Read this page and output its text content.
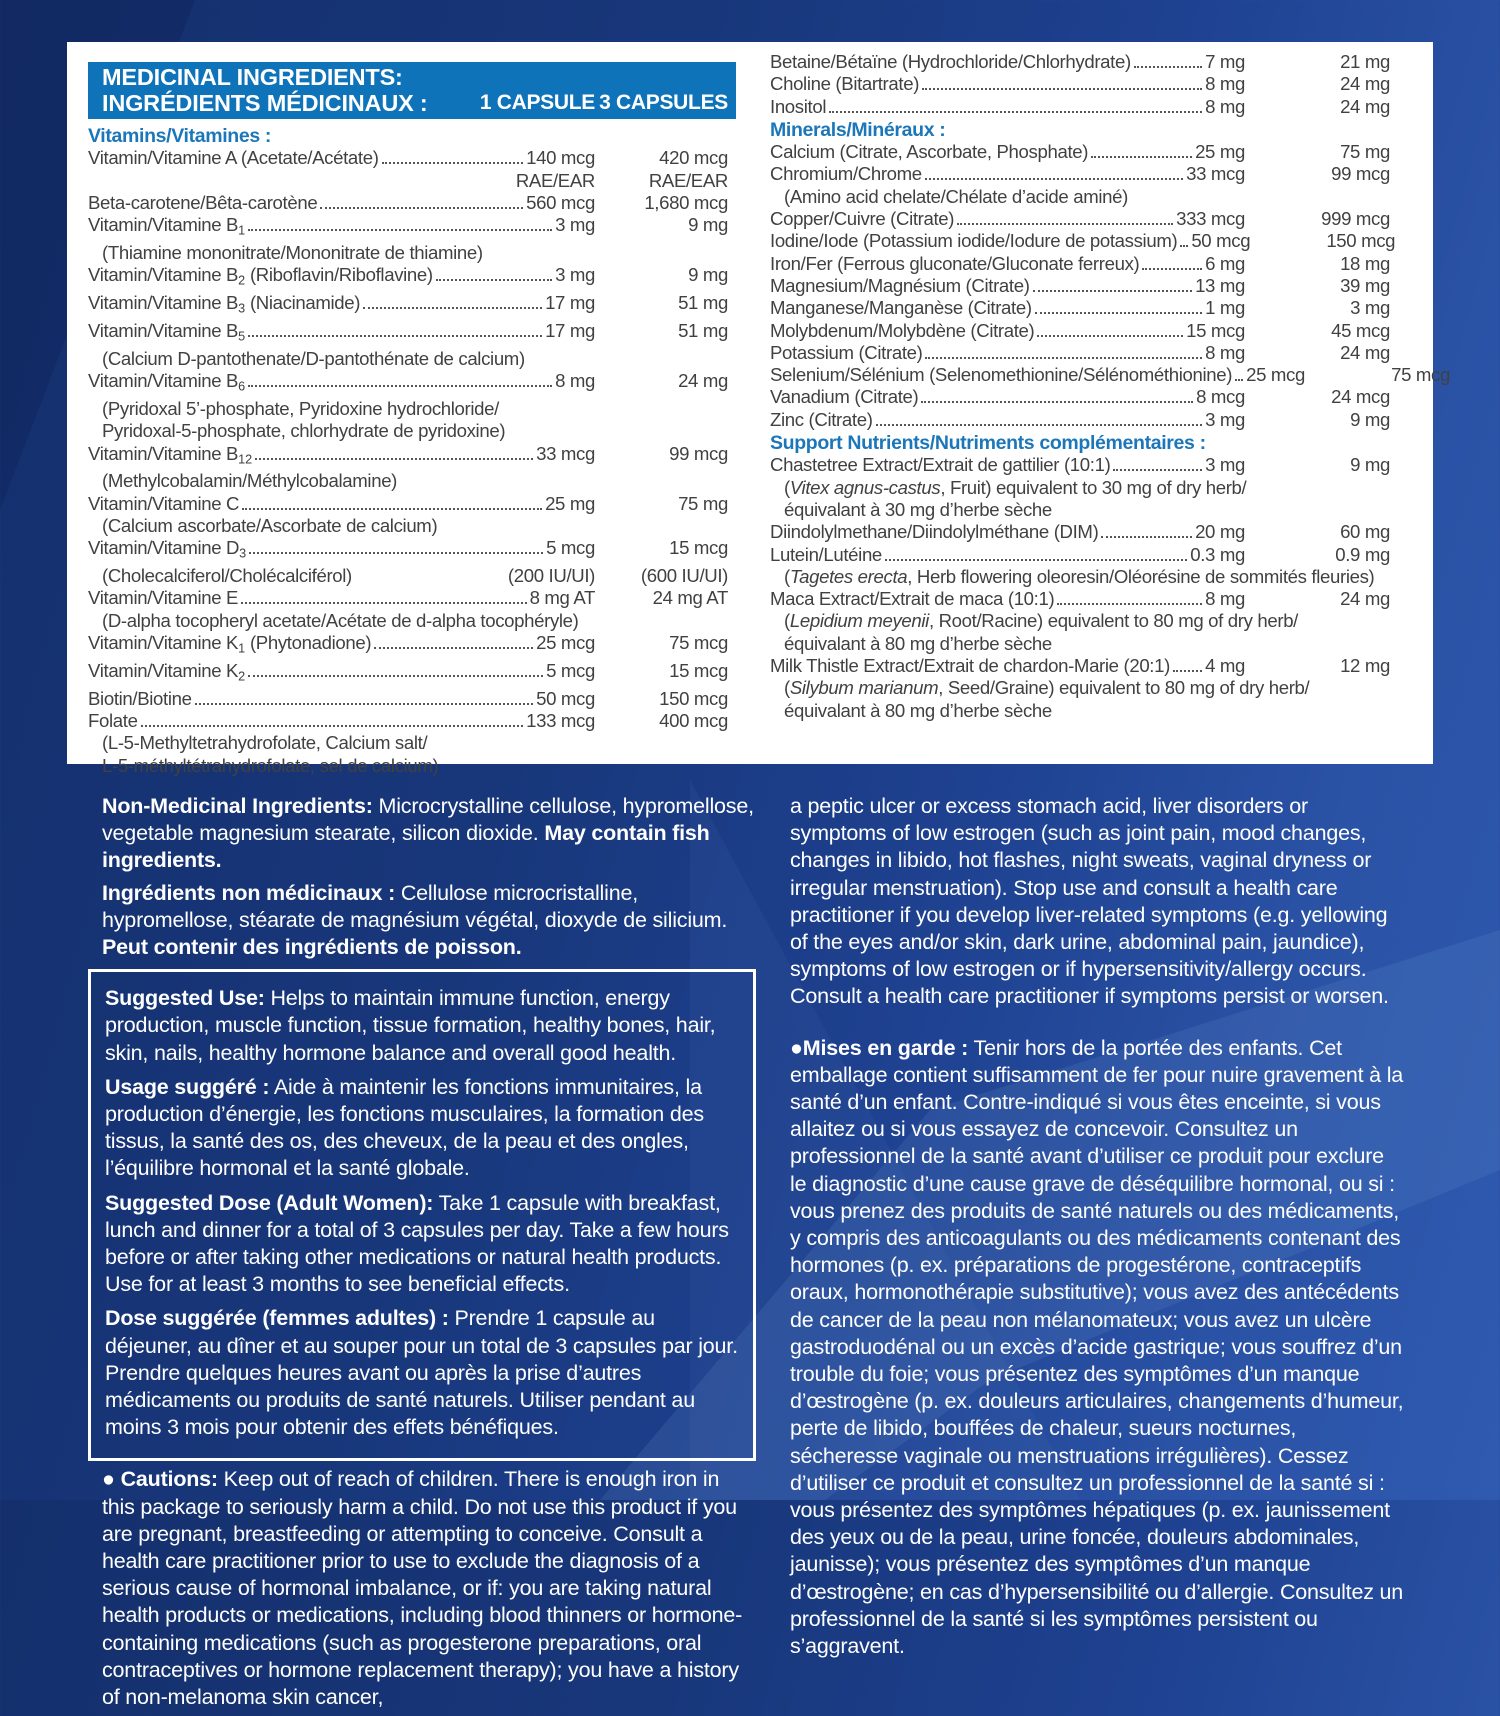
MEDICINAL INGREDIENTS:
INGRÉDIENTS MÉDICINAUX :	1 CAPSULE 3 CAPSULES
Vitamins/Vitamines :
Vitamin/Vitamine A (Acetate/Acétate)	140 mcg	420 mcg
RAE/EAR	RAE/EAR
Beta-carotene/Bêta-carotène	560 mcg	1,680 mcg
Vitamin/Vitamine $B_1$	3 mg	9 mg
(Thiamine mononitrate/Mononitrate de thiamine)
Vitamin/Vitamine $B_2$ (Riboflavin/Riboflavine)	3 mg	9 mg
Vitamin/Vitamine $B_3$ (Niacinamide)	17 mg	51 mg
Vitamin/Vitamine $B_5$	17 mg	51 mg
(Calcium D-pantothenate/D-pantothénate de calcium)
Vitamin/Vitamine $B_6$	8 mg	24 mg
(Pyridoxal 5’-phosphate, Pyridoxine hydrochloride/
Pyridoxal-5-phosphate, chlorhydrate de pyridoxine)
Vitamin/Vitamine $B_{12}$	33 mcg	99 mcg
(Methylcobalamin/Méthylcobalamine)
Vitamin/Vitamine C	25 mg	75 mg
(Calcium ascorbate/Ascorbate de calcium)
Vitamin/Vitamine $D_3$	5 mcg	15 mcg
(Cholecalciferol/Cholécalciférol)	(200 IU/UI)	(600 IU/UI)
Vitamin/Vitamine E	8 mg AT	24 mg AT
(D-alpha tocopheryl acetate/Acétate de d-alpha tocophéryle)
Vitamin/Vitamine $K_1$ (Phytonadione)	25 mcg	75 mcg
Vitamin/Vitamine $K_2$	5 mcg	15 mcg
Biotin/Biotine	50 mcg	150 mcg
Folate	133 mcg	400 mcg
(L-5-Methyltetrahydrofolate, Calcium salt/
L-5-méthyltétrahydrofolate, sel de calcium)
Betaine/Bétaïne (Hydrochloride/Chlorhydrate)	7 mg	21 mg
Choline (Bitartrate)	8 mg	24 mg
Inositol	8 mg	24 mg
Minerals/Minéraux :
Calcium (Citrate, Ascorbate, Phosphate)	25 mg	75 mg
Chromium/Chrome	33 mcg	99 mcg
(Amino acid chelate/Chélate d’acide aminé)
Copper/Cuivre (Citrate)	333 mcg	999 mcg
Iodine/Iode (Potassium iodide/Iodure de potassium) 50 mcg	150 mcg
Iron/Fer (Ferrous gluconate/Gluconate ferreux)	6 mg	18 mg
Magnesium/Magnésium (Citrate)	13 mg	39 mg
Manganese/Manganèse (Citrate)	1 mg	3 mg
Molybdenum/Molybdène (Citrate)	15 mcg	45 mcg
Potassium (Citrate)	8 mg	24 mg
Selenium/Sélénium (Selenomethionine/Sélénométhionine) 25 mcg	75 mcg
Vanadium (Citrate)	8 mcg	24 mcg
Zinc (Citrate)	3 mg	9 mg
Support Nutrients/Nutriments complémentaires :
Chastetree Extract/Extrait de gattilier (10:1)	3 mg	9 mg
(Vitex agnus-castus, Fruit) equivalent to 30 mg of dry herb/
équivalant à 30 mg d’herbe sèche
Diindolylmethane/Diindolylméthane (DIM)	20 mg	60 mg
Lutein/Lutéine	0.3 mg	0.9 mg
(Tagetes erecta, Herb flowering oleoresin/Oléorésine de sommités fleuries)
Maca Extract/Extrait de maca (10:1)	8 mg	24 mg
(Lepidium meyenii, Root/Racine) equivalent to 80 mg of dry herb/
équivalant à 80 mg d’herbe sèche
Milk Thistle Extract/Extrait de chardon-Marie (20:1) 4 mg	12 mg
(Silybum marianum, Seed/Graine) equivalent to 80 mg of dry herb/
équivalant à 80 mg d’herbe sèche

Non-Medicinal Ingredients: Microcrystalline cellulose, hypromellose, vegetable magnesium stearate, silicon dioxide. May contain fish ingredients.

Ingrédients non médicinaux : Cellulose microcristalline, hypromellose, stéarate de magnésium végétal, dioxyde de silicium. Peut contenir des ingrédients de poisson.

Suggested Use: Helps to maintain immune function, energy production, muscle function, tissue formation, healthy bones, hair, skin, nails, healthy hormone balance and overall good health.

Usage suggéré : Aide à maintenir les fonctions immunitaires, la production d’énergie, les fonctions musculaires, la formation des tissus, la santé des os, des cheveux, de la peau et des ongles, l’équilibre hormonal et la santé globale.

Suggested Dose (Adult Women): Take 1 capsule with breakfast, lunch and dinner for a total of 3 capsules per day. Take a few hours before or after taking other medications or natural health products. Use for at least 3 months to see beneficial effects.

Dose suggérée (femmes adultes) : Prendre 1 capsule au déjeuner, au dîner et au souper pour un total de 3 capsules par jour. Prendre quelques heures avant ou après la prise d’autres médicaments ou produits de santé naturels. Utiliser pendant au moins 3 mois pour obtenir des effets bénéfiques.

● Cautions: Keep out of reach of children. There is enough iron in this package to seriously harm a child. Do not use this product if you are pregnant, breastfeeding or attempting to conceive. Consult a health care practitioner prior to use to exclude the diagnosis of a serious cause of hormonal imbalance, or if: you are taking natural health products or medications, including blood thinners or hormone-containing medications (such as progesterone preparations, oral contraceptives or hormone replacement therapy); you have a history of non-melanoma skin cancer,

a peptic ulcer or excess stomach acid, liver disorders or symptoms of low estrogen (such as joint pain, mood changes, changes in libido, hot flashes, night sweats, vaginal dryness or irregular menstruation). Stop use and consult a health care practitioner if you develop liver-related symptoms (e.g. yellowing of the eyes and/or skin, dark urine, abdominal pain, jaundice), symptoms of low estrogen or if hypersensitivity/allergy occurs. Consult a health care practitioner if symptoms persist or worsen.

●Mises en garde : Tenir hors de la portée des enfants. Cet emballage contient suffisamment de fer pour nuire gravement à la santé d’un enfant. Contre-indiqué si vous êtes enceinte, si vous allaitez ou si vous essayez de concevoir. Consultez un professionnel de la santé avant d’utiliser ce produit pour exclure le diagnostic d’une cause grave de déséquilibre hormonal, ou si : vous prenez des produits de santé naturels ou des médicaments, y compris des anticoagulants ou des médicaments contenant des hormones (p. ex. préparations de progestérone, contraceptifs oraux, hormonothérapie substitutive); vous avez des antécédents de cancer de la peau non mélanomateux; vous avez un ulcère gastroduodénal ou un excès d’acide gastrique; vous souffrez d’un trouble du foie; vous présentez des symptômes d’un manque d’œstrogène (p. ex. douleurs articulaires, changements d’humeur, perte de libido, bouffées de chaleur, sueurs nocturnes, sécheresse vaginale ou menstruations irrégulières). Cessez d’utiliser ce produit et consultez un professionnel de la santé si : vous présentez des symptômes hépatiques (p. ex. jaunissement des yeux ou de la peau, urine foncée, douleurs abdominales, jaunisse); vous présentez des symptômes d’un manque d’œstrogène; en cas d’hypersensibilité ou d’allergie. Consultez un professionnel de la santé si les symptômes persistent ou s’aggravent.
